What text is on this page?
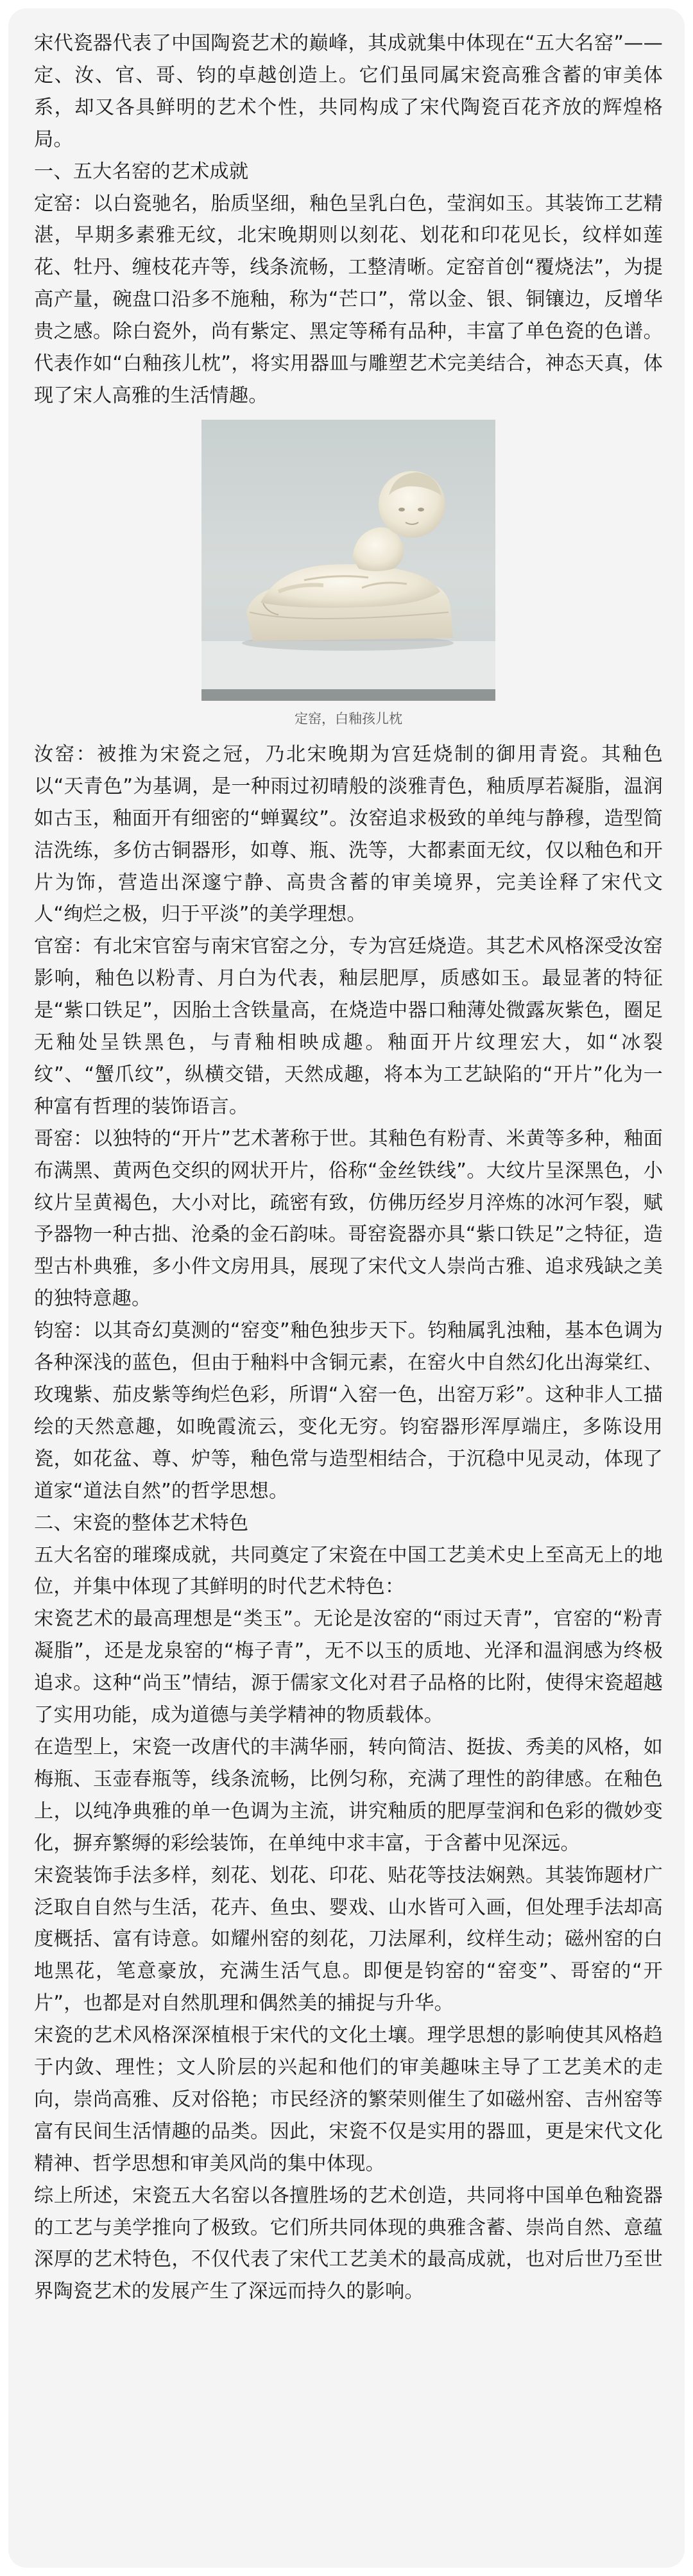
宋代瓷器代表了中国陶瓷艺术的巅峰，其成就集中体现在“五大名窑”——定、汝、官、哥、钧的卓越创造上。它们虽同属宋瓷高雅含蓄的审美体系，却又各具鲜明的艺术个性，共同构成了宋代陶瓷百花齐放的辉煌格局。

一、五大名窑的艺术成就

定窑：以白瓷驰名，胎质坚细，釉色呈乳白色，莹润如玉。其装饰工艺精湛，早期多素雅无纹，北宋晚期则以刻花、划花和印花见长，纹样如莲花、牡丹、缠枝花卉等，线条流畅，工整清晰。定窑首创“覆烧法”，为提高产量，碗盘口沿多不施釉，称为“芒口”，常以金、银、铜镶边，反增华贵之感。除白瓷外，尚有紫定、黑定等稀有品种，丰富了单色瓷的色谱。代表作如“白釉孩儿枕”，将实用器皿与雕塑艺术完美结合，神态天真，体现了宋人高雅的生活情趣。

定窑，白釉孩儿枕

汝窑：被推为宋瓷之冠，乃北宋晚期为宫廷烧制的御用青瓷。其釉色以“天青色”为基调，是一种雨过初晴般的淡雅青色，釉质厚若凝脂，温润如古玉，釉面开有细密的“蝉翼纹”。汝窑追求极致的单纯与静穆，造型简洁洗练，多仿古铜器形，如尊、瓶、洗等，大都素面无纹，仅以釉色和开片为饰，营造出深邃宁静、高贵含蓄的审美境界，完美诠释了宋代文人“绚烂之极，归于平淡”的美学理想。

官窑：有北宋官窑与南宋官窑之分，专为宫廷烧造。其艺术风格深受汝窑影响，釉色以粉青、月白为代表，釉层肥厚，质感如玉。最显著的特征是“紫口铁足”，因胎土含铁量高，在烧造中器口釉薄处微露灰紫色，圈足无釉处呈铁黑色，与青釉相映成趣。釉面开片纹理宏大，如“冰裂纹”、“蟹爪纹”，纵横交错，天然成趣，将本为工艺缺陷的“开片”化为一种富有哲理的装饰语言。

哥窑：以独特的“开片”艺术著称于世。其釉色有粉青、米黄等多种，釉面布满黑、黄两色交织的网状开片，俗称“金丝铁线”。大纹片呈深黑色，小纹片呈黄褐色，大小对比，疏密有致，仿佛历经岁月淬炼的冰河乍裂，赋予器物一种古拙、沧桑的金石韵味。哥窑瓷器亦具“紫口铁足”之特征，造型古朴典雅，多小件文房用具，展现了宋代文人崇尚古雅、追求残缺之美的独特意趣。

钧窑：以其奇幻莫测的“窑变”釉色独步天下。钧釉属乳浊釉，基本色调为各种深浅的蓝色，但由于釉料中含铜元素，在窑火中自然幻化出海棠红、玫瑰紫、茄皮紫等绚烂色彩，所谓“入窑一色，出窑万彩”。这种非人工描绘的天然意趣，如晚霞流云，变化无穷。钧窑器形浑厚端庄，多陈设用瓷，如花盆、尊、炉等，釉色常与造型相结合，于沉稳中见灵动，体现了道家“道法自然”的哲学思想。

二、宋瓷的整体艺术特色

五大名窑的璀璨成就，共同奠定了宋瓷在中国工艺美术史上至高无上的地位，并集中体现了其鲜明的时代艺术特色：

宋瓷艺术的最高理想是“类玉”。无论是汝窑的“雨过天青”，官窑的“粉青凝脂”，还是龙泉窑的“梅子青”，无不以玉的质地、光泽和温润感为终极追求。这种“尚玉”情结，源于儒家文化对君子品格的比附，使得宋瓷超越了实用功能，成为道德与美学精神的物质载体。

在造型上，宋瓷一改唐代的丰满华丽，转向简洁、挺拔、秀美的风格，如梅瓶、玉壶春瓶等，线条流畅，比例匀称，充满了理性的韵律感。在釉色上，以纯净典雅的单一色调为主流，讲究釉质的肥厚莹润和色彩的微妙变化，摒弃繁缛的彩绘装饰，在单纯中求丰富，于含蓄中见深远。

宋瓷装饰手法多样，刻花、划花、印花、贴花等技法娴熟。其装饰题材广泛取自自然与生活，花卉、鱼虫、婴戏、山水皆可入画，但处理手法却高度概括、富有诗意。如耀州窑的刻花，刀法犀利，纹样生动；磁州窑的白地黑花，笔意豪放，充满生活气息。即便是钧窑的“窑变”、哥窑的“开片”，也都是对自然肌理和偶然美的捕捉与升华。

宋瓷的艺术风格深深植根于宋代的文化土壤。理学思想的影响使其风格趋于内敛、理性；文人阶层的兴起和他们的审美趣味主导了工艺美术的走向，崇尚高雅、反对俗艳；市民经济的繁荣则催生了如磁州窑、吉州窑等富有民间生活情趣的品类。因此，宋瓷不仅是实用的器皿，更是宋代文化精神、哲学思想和审美风尚的集中体现。

综上所述，宋瓷五大名窑以各擅胜场的艺术创造，共同将中国单色釉瓷器的工艺与美学推向了极致。它们所共同体现的典雅含蓄、崇尚自然、意蕴深厚的艺术特色，不仅代表了宋代工艺美术的最高成就，也对后世乃至世界陶瓷艺术的发展产生了深远而持久的影响。
